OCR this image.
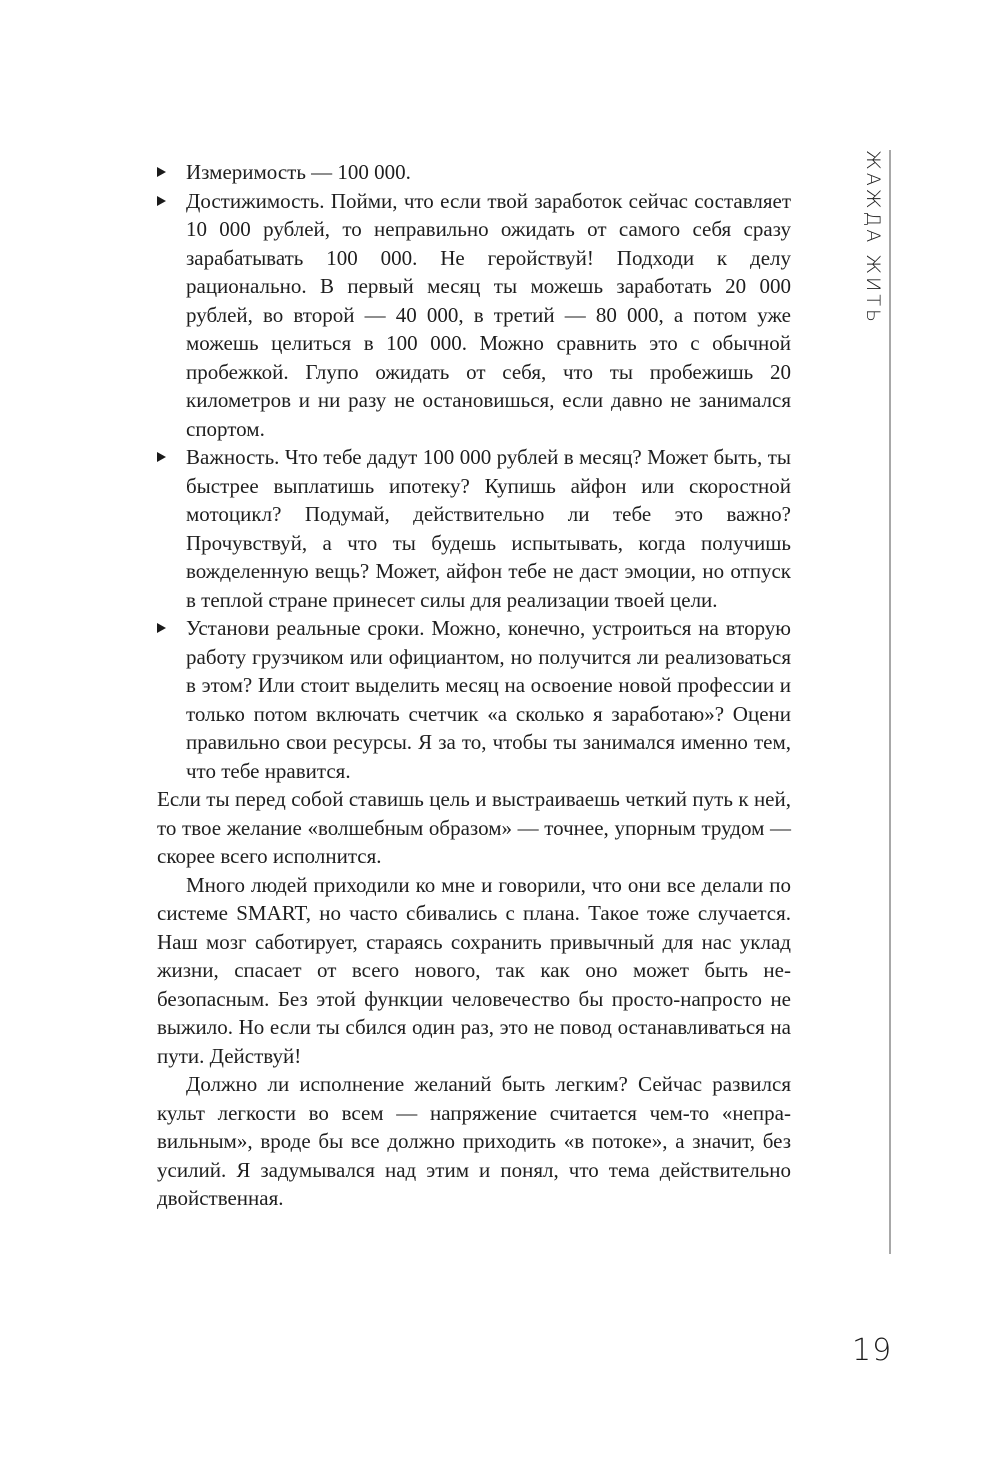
Измеримость — 100 000.
Достижимость. Пойми, что если твой заработок сейчас составляет 10 000 рублей, то неправильно ожидать от самого себя сразу зарабатывать 100 000. Не геройствуй! Подходи к делу рационально. В первый месяц ты можешь заработать 20 000 рублей, во второй — 40 000, в третий — 80 000, а потом уже можешь целиться в 100 000. Можно сравнить это с обычной пробежкой. Глупо ожидать от себя, что ты пробежишь 20 километров и ни разу не остановишься, если давно не занимался спортом.
Важность. Что тебе дадут 100 000 рублей в месяц? Может быть, ты быстрее выплатишь ипотеку? Купишь айфон или скоростной мотоцикл? Подумай, действительно ли тебе это важно? Прочувствуй, а что ты будешь испытывать, когда получишь вожделенную вещь? Может, айфон тебе не даст эмоции, но отпуск в теплой стране принесет силы для реализации твоей цели.
Установи реальные сроки. Можно, конечно, устроиться на вторую работу грузчиком или официантом, но получится ли реализоваться в этом? Или стоит выделить месяц на освоение новой профессии и только потом включать счетчик «а сколько я заработаю»? Оцени правильно свои ресурсы. Я за то, чтобы ты занимался именно тем, что тебе нравится.

Если ты перед собой ставишь цель и выстраиваешь четкий путь к ней, то твое желание «волшебным образом» — точнее, упорным трудом — скорее всего исполнится.

Много людей приходили ко мне и говорили, что они все делали по системе SMART, но часто сбивались с плана. Такое тоже случается. Наш мозг саботирует, стараясь сохранить привычный для нас уклад жизни, спасает от всего нового, так как оно может быть небезопасным. Без этой функции человечество бы просто-напросто не выжило. Но если ты сбился один раз, это не повод останавливаться на пути. Действуй!

Должно ли исполнение желаний быть легким? Сейчас развился культ легкости во всем — напряжение считается чем-то «неправильным», вроде бы все должно приходить «в потоке», а значит, без усилий. Я задумывался над этим и понял, что тема действительно двойственная.

ЖАЖДА ЖИТЬ
19
